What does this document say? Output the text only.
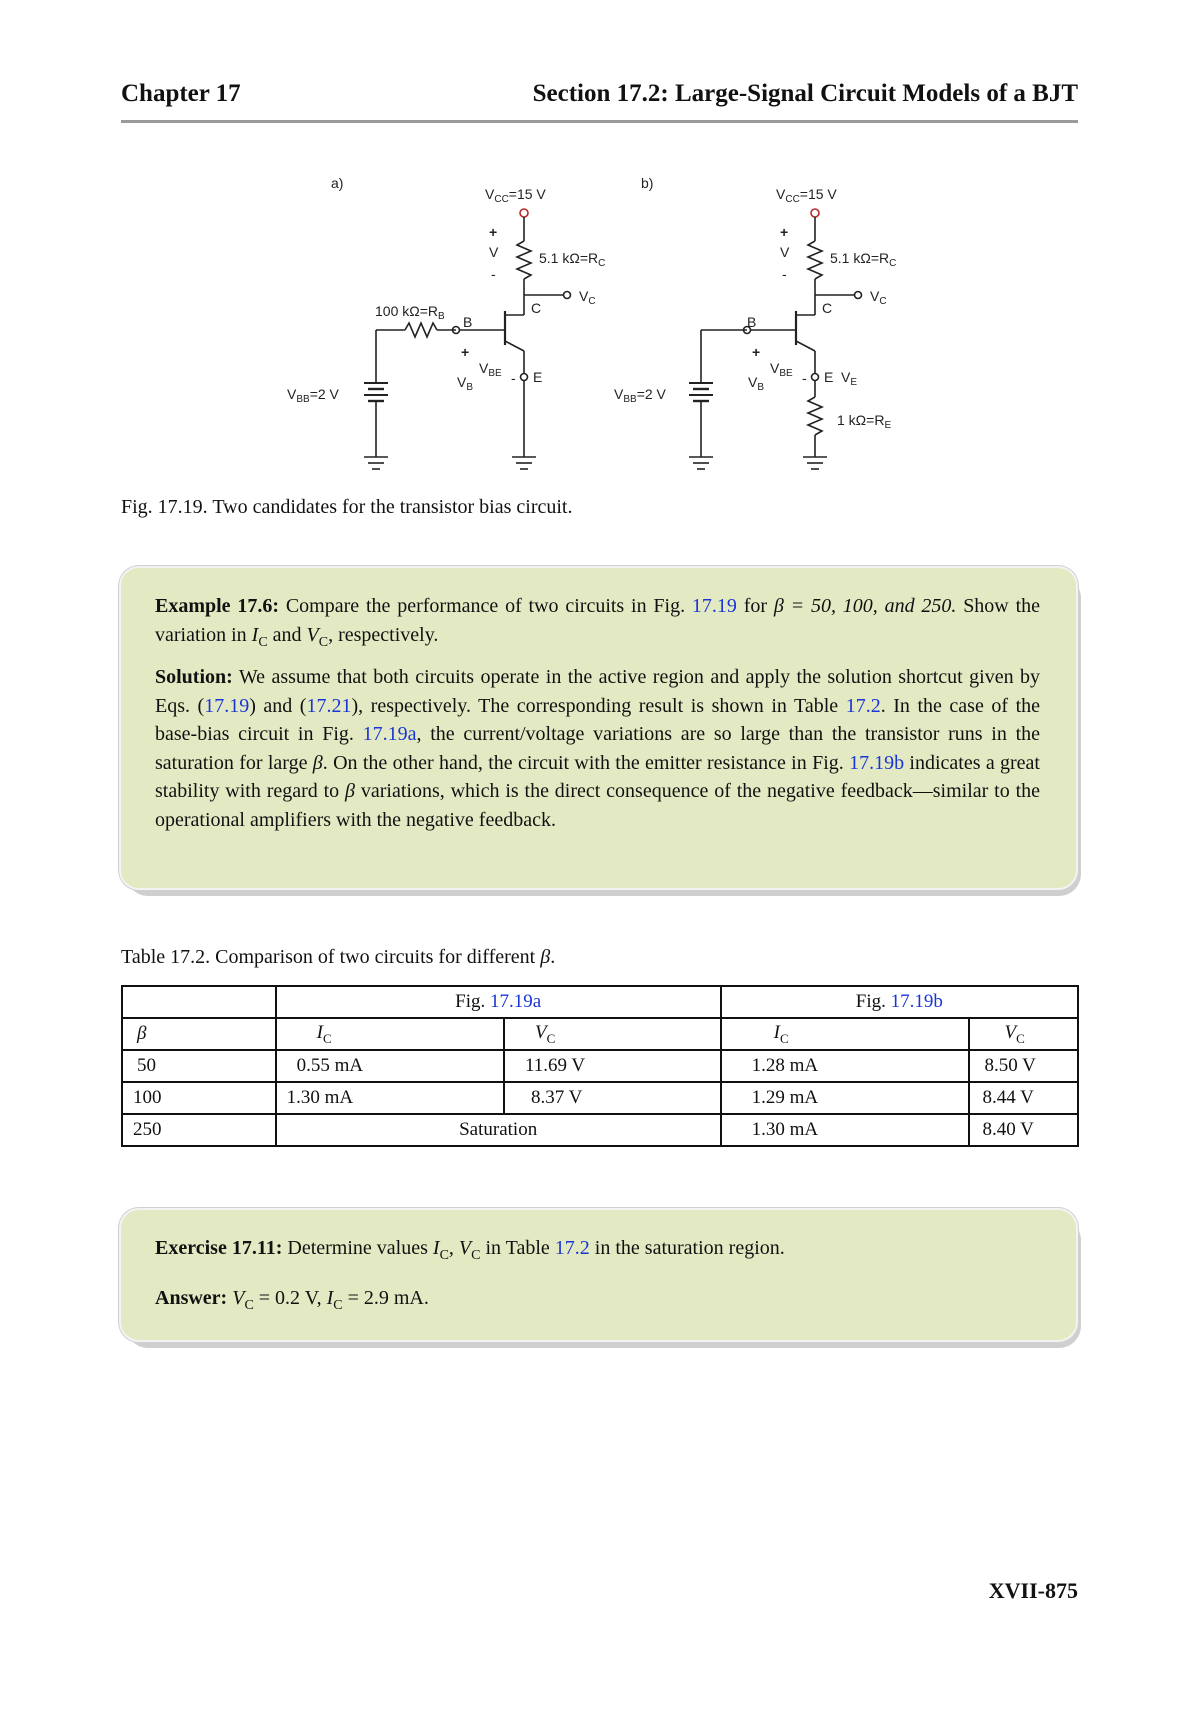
Chapter 17	Section 17.2: Large-Signal Circuit Models of a BJT
a)
$V_{CC}=15$ V
+
V
-
5.1 $k\Omega=R_C$
$V_C$
C
100 $k\Omega=R_B$ B
+
$V_{BE}$
$V_B$
- E
$V_{BB}=2$ V
b)
$V_{CC}=15$ V
+
V
-
5.1 $k\Omega=R_C$
$V_C$
C
B
+
$V_{BE}$
$V_B$
- E $V_E$
1 $k\Omega=R_E$
$V_{BB}=2$ V
Fig. 17.19. Two candidates for the transistor bias circuit.

Example 17.6: Compare the performance of two circuits in Fig. 17.19 for β = 50, 100, and 250. Show the variation in $I_C$ and $V_C$, respectively.

Solution: We assume that both circuits operate in the active region and apply the solution shortcut given by Eqs. (17.19) and (17.21), respectively. The corresponding result is shown in Table 17.2. In the case of the base-bias circuit in Fig. 17.19a, the current/voltage variations are so large than the transistor runs in the saturation for large β. On the other hand, the circuit with the emitter resistance in Fig. 17.19b indicates a great stability with regard to β variations, which is the direct consequence of the negative feedback—similar to the operational amplifiers with the negative feedback.

Table 17.2. Comparison of two circuits for different β.
	Fig. 17.19a		Fig. 17.19b	
β	$I_C$	$V_C$	$I_C$	$V_C$
50	0.55 mA	11.69 V	1.28 mA	8.50 V
100	1.30 mA	8.37 V	1.29 mA	8.44 V
250	Saturation		1.30 mA	8.40 V

Exercise 17.11: Determine values $I_C$, $V_C$ in Table 17.2 in the saturation region.

Answer: $V_C = 0.2$ V, $I_C = 2.9$ mA.

XVII-875
